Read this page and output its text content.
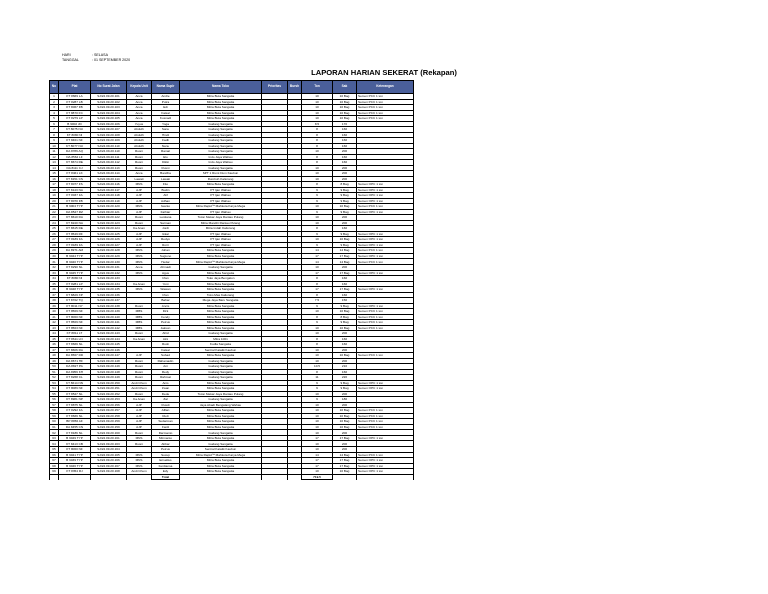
HARI	: SELASA
TANGGAL	: 01 SEPTEMBER 2020
LAPORAN HARIAN SEKERAT (Rekapan)
No	Plat	No Surat Jalan	Kepala Unit	Nama Supir	Nama Toko	Prioritas	Bursh	Ton	Sak	Keterangan
1	KT 8669 LA	SJ/24.09.20.101	Anca	Andre	Mitra Buta Sangatta			10	10 Bag	Semen PCC 1 ton
2	KT 8287 LB	SJ/24.09.20.102	Anca	Putra	Mitra Buta Sangatta			10	10 Bag	Semen PCC 1 ton
3	KT 8067 FB	SJ/24.09.20.103	Anca	Edi	Mitra Buta Sangatta			10	10 Bag	Semen PCC 1 ton
4	KT 8870 FC	SJ/24.09.20.104	Anca	Faisal	Mitra Buta Sangatta			10	10 Bag	Semen PCC 1 ton
5	KT 8279 LP	SJ/24.09.20.105	Anca	Kusnadi	Mitra Buta Sangatta			10	10 Bag	Semen PCC 1 ton
6	B 9002 JD	SJ/24.09.20.106	Yuyus	Yoga	Gudang Sangatta			8.5	170	
7	KT 8075 NU	SJ/24.09.20.107	Abdulh	Sanu	Gudang Sangatta			8	160	
8	KT 8080 NI	SJ/24.09.20.108	Abdulh	Hindi	Gudang Sangatta			8	160	
9	KT 8461 NF	SJ/24.09.20.109	Abdulh	Fadli	Gudang Sangatta			8	160	
10	KT 8077 NU	SJ/24.09.20.110	Abdulh	Nanu	Gudang Sangatta			8	160	
11	DA 8786 AQ	SJ/24.09.20.110	Rusni	Ramal	Gudang Sangatta			10	200	
12	DA 8562 LF	SJ/24.09.20.111	Rusni	Elo	Indo Jaya Wahau			8	160	
13	KT 8674 RE	SJ/24.09.20.112	Rusni	Dikki	Indo Jaya Wahau			8	160	
14	DA 8111 CJ	SJ/24.09.20.113	Rusni	Rusni	Gudang Sangatta			10	200	
15	KT 8461 LK	SJ/24.09.20.114	Anca	Bandha	SPT 1 Rumi Dum Kaubun			10	200	
16	KT 8151 CS	SJ/24.09.20.114	Lawati	Lawati	Rumbuh Kaliorang			10	200	
17	KT 8077 FS	SJ/24.09.20.116	MNS	Fito	Mitra Buta Sangatta			8	8 Bag	Semen OPC 1 ton
18	KT 8143 NA	SJ/24.09.20.117	AJP	Budin	PT Ijan Wahau			9	9 Bag	Semen OPC 1 ton
19	KT 8037 FA	SJ/24.09.20.118	AJP	Alif	PT Ijan Wahau			9	9 Bag	Semen OPC 1 ton
20	KT 8070 FB	SJ/24.09.20.119	AJP	Adhan	PT Ijan Wahau			9	9 Bag	Semen OPC 1 ton
21	B 9004 TYP	SJ/24.09.20.120	MNS	Iwanto	Mitra Rapid™ Mahkota Karya Mega			10	10 Bag	Semen PCC 1 ton
22	DA 8527 RZ	SJ/24.09.20.121	AJP	Fathiar	PT Ijan Wahau			9	9 Bag	Semen OPC 1 ton
23	KT 8610 DA	SJ/24.09.20.122	Rusni	Lestiana	Toton Mekar Jaya Rantau Pulang			10	200	
24	KT 8240 NA	SJ/24.09.20.123	Rusni	Sarman	Mitra Mandiri Rantau Pulang			10	200	
25	KT 8615 DE	SJ/24.09.20.124	Ka Anan	Jordi	Mitra Indah Kaliorang			8	160	
26	KT 8549 RF	SJ/24.09.20.125	AJP	Ikkal	PT Ijan Wahau			9	9 Bag	Semen OPC 1 ton
27	KT 8189 FA	SJ/24.09.20.126	AJP	Redyo	PT Ijan Wahau			10	10 Bag	Semen OPC 1 ton
28	KT 8189 FA	SJ/24.09.20.127	AJP	Rorri	PT Ijan Wahau			9	9 Bag	Semen OPC 1 ton
29	DA 8971 AM	SJ/24.09.20.128	MNS	Johan	Mitra Buta Sangatta			14	14 Bag	Semen PCC 1 ton
30	B 9044 TYP	SJ/24.09.20.129	MNS	Sugiono	Mitra Buta Sangatta			17	17 Bag	Semen OPC 1 ton
31	B 9040 TYP	SJ/24.09.20.130	MNS	Hedar	Mitra Rapid™ Mahkota Karya Mega			14	14 Bag	Semen PCC 1 ton
32	KT 8290 NL	SJ/24.09.20.131	Anca	Ahmadi	Gudang Sangatta			10	200	
33	B 9045 TYP	SJ/24.09.20.132	MNS	Agus	Mitra Buta Sangatta			17	17 Bag	Semen OPC 1 ton
34	KT 8080 NI	SJ/24.09.20.133		Irfan	Toko Jaya Bengalon			8	160	
35	KT 8281 LP	SJ/24.09.20.134	Ka Anan	Yoni	Mitra Buta Sangatta			8	160	
36	B 9048 TYP	SJ/24.09.20.135	MNS	Wawan	Mitra Buta Sangatta			17	17 Bag	Semen OPC 1 ton
37	KT 8829 XP	SJ/24.09.20.136		Irfan	Toko Mas Kaliorang			8	160	
38	KT 8702 TQ	SJ/24.09.20.137		Bahar	Mega Jaya Baru Sangatta			7.5	150	
39	KT 8011 NY	SJ/24.09.20.138	Rusni	Ancis	Mitra Buta Sangatta			9	9 Bag	Semen OPC 1 ton
40	KT 8569 NF	SJ/24.09.20.139	MBS	Dirk	Mitra Buta Sangatta			10	10 Bag	Semen PCC 1 ton
41	KT 8060 NF	SJ/24.09.20.140	MBS	Fendy	Mitra Buta Sangatta			8	8 Bag	Semen PCC 1 ton
42	KT 8569 NF	SJ/24.09.20.141	MBS	Petrus	Mitra Buta Sangatta			9	9 Bag	Semen PCC 1 ton
43	KT 8563 NF	SJ/24.09.20.142	MBS	Jakson	Mitra Buta Sangatta			10	10 Bag	Semen PCC 1 ton
44	KT 8811 LT	SJ/24.09.20.143	Rusni	Ahid	Gudang Sangatta			10	200	
45	KT 8611 LN	SJ/24.09.20.144	Ka Anan	Aini	Mitra 1001			8	160	
46	KT 8669 NL	SJ/24.09.20.145		Rusli	Kudla Sangatta			8	160	
47	KT 8606 RA	SJ/24.09.20.146		Faisal	Sentral Katalik Kaubun			10	200	
48	DA 8567 DD	SJ/24.09.20.147	AJP	Subad	Mitra Buta Sangatta			10	10 Bag	Semen PCC 1 ton
49	DA 8671 HF	SJ/24.09.20.148	Rusni	Rahamadin	Gudang Sangatta			10	200	
50	DA 8827 PA	SJ/24.09.20.149	Rusni	Ani	Gudang Sangatta			10.5	210	
51	DA 8959 KH	SJ/24.09.20.148	Rusni	Redy	Gudang Sangatta			8	160	
52	KT 8268 CL	SJ/24.09.20.149	Rusni	Rahmat	Gudang Sangatta			11	220	
53	KT 8614 NN	SJ/24.09.20.150	Andi Chum	Anis	Mitra Buta Sangatta			9	9 Bag	Semen OPC 1 ton
54	KT 8089 NF	SJ/24.09.20.151	Andi Chum	Irwan	Mitra Buta Sangatta			9	9 Bag	Semen OPC 1 ton
55	KT 8527 NL	SJ/24.09.20.152	Rusni	Dede	Toton Mekar Jaya Rantau Pulang			10	200	
56	KT 8981 NP	SJ/24.09.20.153	Ka Anan	Zal	Gudang Sangatta			9	180	
57	KT 8875 NL	SJ/24.09.20.156	AJP	Rusdi	Jaya Abadi Bengalang Wahau			10	200	
58	KT 8292 FA	SJ/24.09.20.157	AJP	Alfian	Mitra Buta Sangatta			10	10 Bag	Semen PCC 1 ton
59	KT 8669 NL	SJ/24.09.20.158	AJP	Rudi	Mitra Buta Sangatta			10	10 Bag	Semen PCC 1 ton
60	BP 8956 AF	SJ/24.09.20.159	AJP	Sudarman	Mitra Buta Sangatta			10	10 Bag	Semen PCC 1 ton
61	DA 8455 CN	SJ/24.09.20.159	AJP	Fardi	Mitra Buta Sangatta			10	10 Bag	Semen PCC 1 ton
62	KT 8186 NL	SJ/24.09.20.160	Rusni	Darmanto	Gudang Sangatta			10	200	
63	B 9049 TYP	SJ/24.09.20.161	MNS	Mirmanto	Mitra Buta Sangatta			17	17 Bag	Semen OPC 1 ton
64	KT 8413 CB	SJ/24.09.20.163	Rusni	Abbar	Gudang Sangatta			10	200	
65	KT 8060 NF	SJ/24.09.20.164		Petrus	Sentral Katalik Kaubun			10	200	
66	B 9041 TYP	SJ/24.09.20.165	MNS	Sucup	Mitra Rapid™ Mahkota Karya Mega			14	14 Bag	Semen PCC 1 ton
67	B 9039 TYP	SJ/24.09.20.166	MNS	Ernaldus	Mitra Buta Sangatta			17	17 Bag	Semen OPC 1 ton
68	B 9046 TYP	SJ/24.09.20.167	MNS	Ferdiansa	Mitra Buta Sangatta			17	17 Bag	Semen OPC 1 ton
69	KT 8354 RJ	SJ/24.09.20.168	Andi Chum	Edy	Mitra Buta Sangatta			10	10 Bag	Semen OPC 1 ton
				Total				719.5		
